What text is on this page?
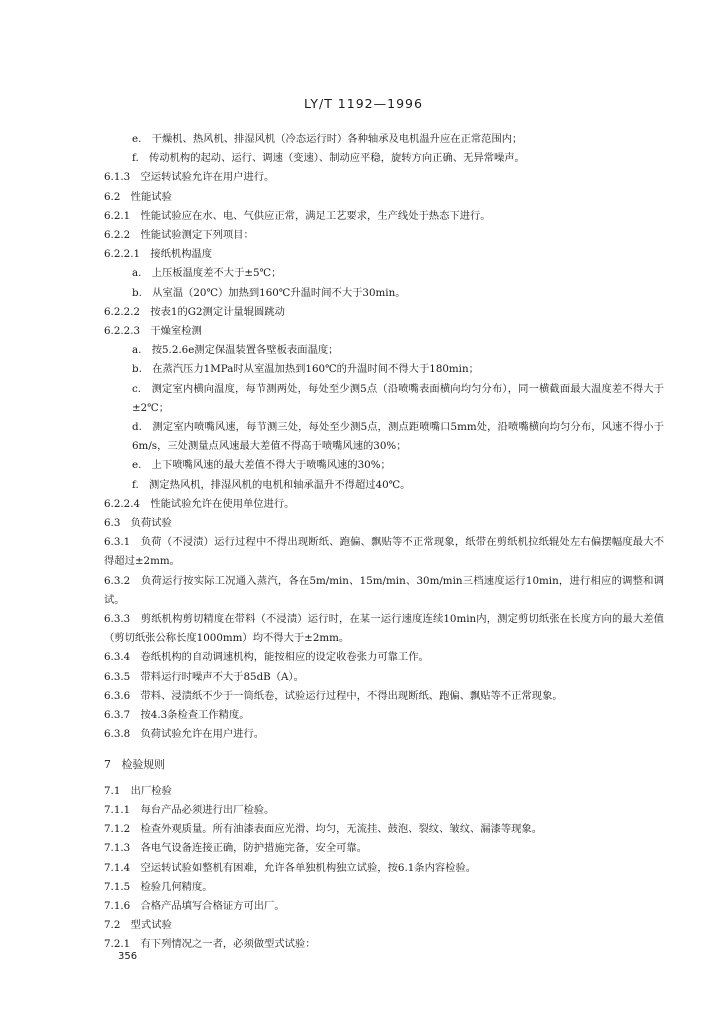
LY/T 1192—1996
e.　干燥机、热风机、排湿风机（冷态运行时）各种轴承及电机温升应在正常范围内；
f.　传动机构的起动、运行、调速（变速）、制动应平稳，旋转方向正确、无异常噪声。
6.1.3　空运转试验允许在用户进行。
6.2　性能试验
6.2.1　性能试验应在水、电、气供应正常，满足工艺要求，生产线处于热态下进行。
6.2.2　性能试验测定下列项目：
6.2.2.1　接纸机构温度
a.　上压板温度差不大于±5℃；
b.　从室温（20℃）加热到160℃升温时间不大于30min。
6.2.2.2　按表1的G2测定计量辊圆跳动
6.2.2.3　干燥室检测
a.　按5.2.6e测定保温装置各壁板表面温度；
b.　在蒸汽压力1MPa时从室温加热到160℃的升温时间不得大于180min；
c.　测定室内横向温度，每节测两处，每处至少测5点（沿喷嘴表面横向均匀分布），同一横截面最大温度差不得大于±2℃；
d.　测定室内喷嘴风速，每节测三处，每处至少测5点，测点距喷嘴口5mm处，沿喷嘴横向均匀分布，风速不得小于6m/s，三处测量点风速最大差值不得高于喷嘴风速的30%；
e.　上下喷嘴风速的最大差值不得大于喷嘴风速的30%；
f.　测定热风机，排湿风机的电机和轴承温升不得超过40℃。
6.2.2.4　性能试验允许在使用单位进行。
6.3　负荷试验
6.3.1　负荷（不浸渍）运行过程中不得出现断纸、跑偏、飘贴等不正常现象，纸带在剪纸机拉纸辊处左右偏摆幅度最大不得超过±2mm。
6.3.2　负荷运行按实际工况通入蒸汽，各在5m/min、15m/min、30m/min三档速度运行10min，进行相应的调整和调试。
6.3.3　剪纸机构剪切精度在带料（不浸渍）运行时，在某一运行速度连续10min内，测定剪切纸张在长度方向的最大差值（剪切纸张公称长度1000mm）均不得大于±2mm。
6.3.4　卷纸机构的自动调速机构，能按相应的设定收卷张力可靠工作。
6.3.5　带料运行时噪声不大于85dB（A）。
6.3.6　带料、浸渍纸不少于一筒纸卷，试验运行过程中，不得出现断纸、跑偏、飘贴等不正常现象。
6.3.7　按4.3条检查工作精度。
6.3.8　负荷试验允许在用户进行。
7　检验规则
7.1　出厂检验
7.1.1　每台产品必须进行出厂检验。
7.1.2　检查外观质量。所有油漆表面应光滑、均匀，无流挂、鼓泡、裂纹、皱纹、漏漆等现象。
7.1.3　各电气设备连接正确，防护措施完备，安全可靠。
7.1.4　空运转试验如整机有困难，允许各单独机构独立试验，按6.1条内容检验。
7.1.5　检验几何精度。
7.1.6　合格产品填写合格证方可出厂。
7.2　型式试验
7.2.1　有下列情况之一者，必须做型式试验：
356
